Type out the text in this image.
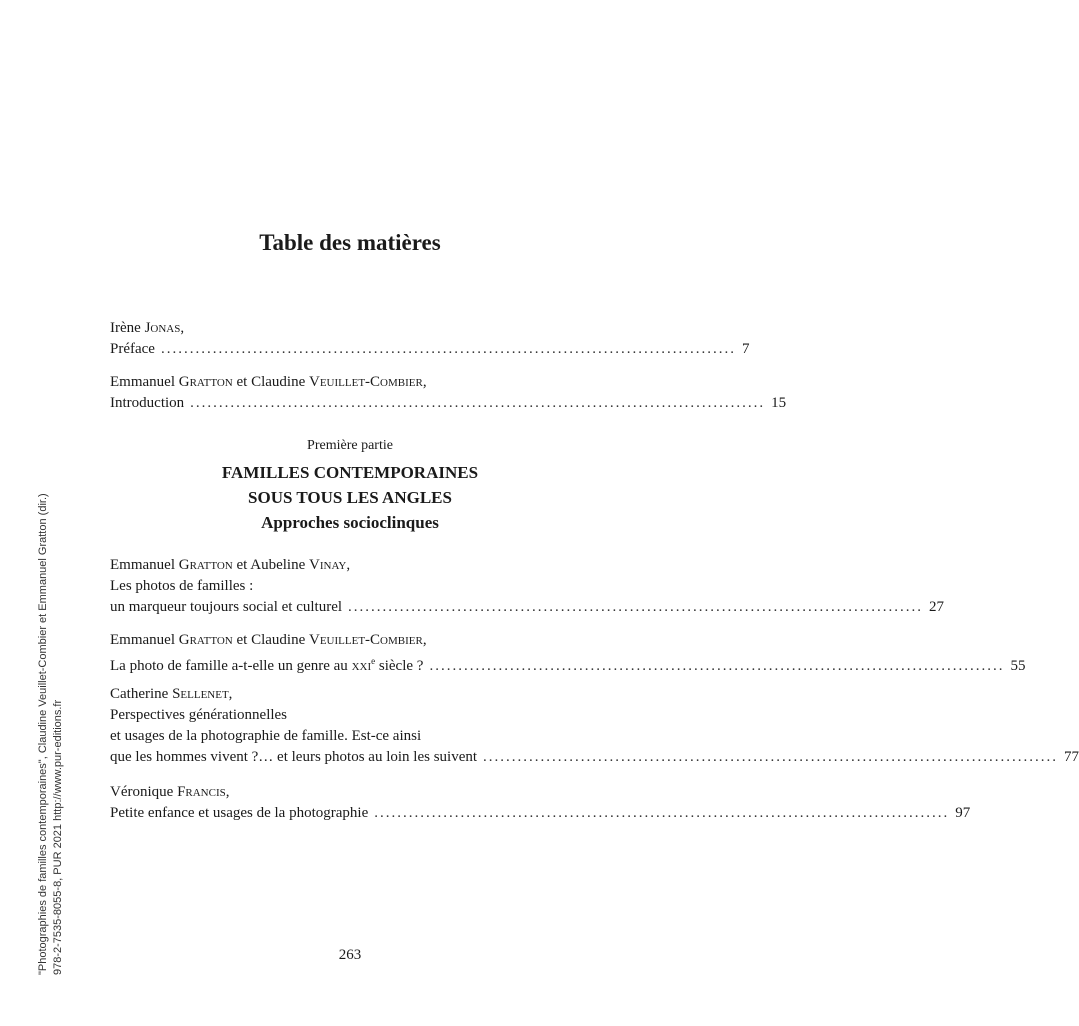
Table des matières
Irène Jonas,
Préface .................................................................................................... 7
Emmanuel Gratton et Claudine Veuillet-Combier,
Introduction .................................................................................................... 15
Première partie
FAMILLES CONTEMPORAINES
SOUS TOUS LES ANGLES
Approches socioclinques
Emmanuel Gratton et Aubeline Vinay,
Les photos de familles :
un marqueur toujours social et culturel .................................................................................................... 27
Emmanuel Gratton et Claudine Veuillet-Combier,
La photo de famille a-t-elle un genre au xxi$^e$ siècle ? .................................................................................................... 55
Catherine Sellenet,
Perspectives générationnelles
et usages de la photographie de famille. Est-ce ainsi
que les hommes vivent ?… et leurs photos au loin les suivent .................................................................................................... 77
Véronique Francis,
Petite enfance et usages de la photographie .................................................................................................... 97
"Photographies de familles contemporaines", Claudine Veuillet-Combier et Emmanuel Gratton (dir.) 978-2-7535-8055-8, PUR 2021 http://www.pur-editions.fr	263
